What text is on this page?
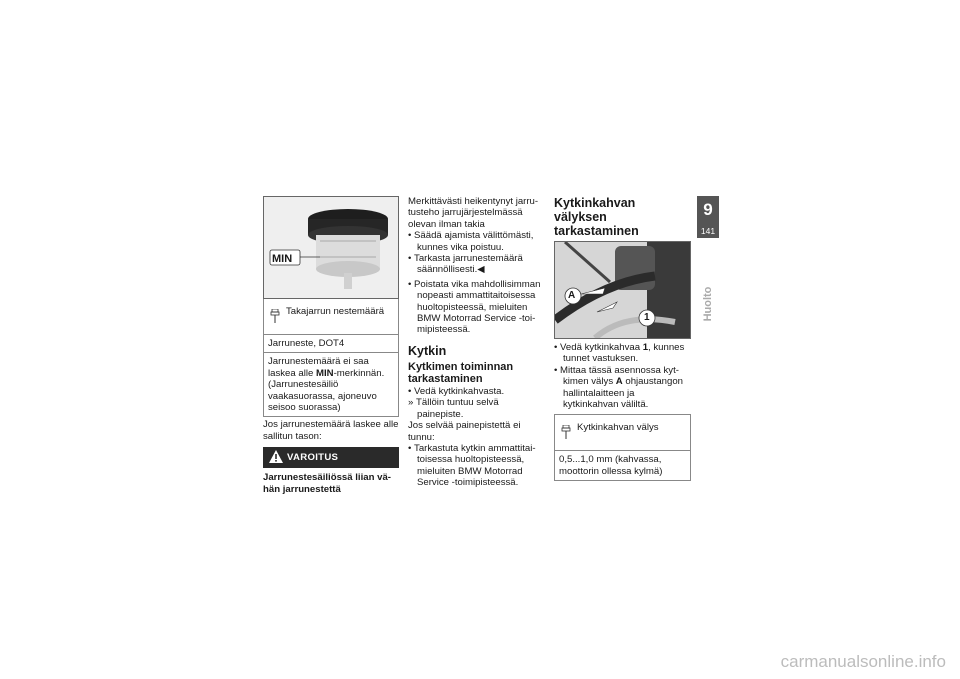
MIN
Takajarrun nestemäärä
Jarruneste, DOT4
Jarrunestemäärä ei saa laskea alle MIN-merkinnän. (Jarrunestesäiliö vaakasuorassa, ajoneuvo seisoo suorassa)

Jos jarrunestemäärä laskee alle sallitun tason:

VAROITUS

Jarrunestesäiliössä liian vähän jarrunestettä

Merkittävästi heikentynyt jarrutusteho jarrujärjestelmässä olevan ilman takia

• Säädä ajamista välittömästi, kunnes vika poistuu.

• Tarkasta jarrunestemäärä säännöllisesti.◀

• Poistata vika mahdollisimman nopeasti ammattitaitoisessa huoltopisteessä, mieluiten BMW Motorrad Service -toimipisteessä.

Kytkin
Kytkimen toiminnan tarkastaminen

• Vedä kytkinkahvasta.

» Tällöin tuntuu selvä painepiste.

Jos selvää painepistettä ei tunnu:

• Tarkastuta kytkin ammattitaitoisessa huoltopisteessä, mieluiten BMW Motorrad Service -toimipisteessä.

Kytkinkahvan välyksen tarkastaminen
A
1

• Vedä kytkinkahvaa 1, kunnes tunnet vastuksen.

• Mittaa tässä asennossa kytkimen välys A ohjaustangon hallintalaitteen ja kytkinkahvan väliltä.

Kytkinkahvan välys
0,5...1,0 mm (kahvassa, moottorin ollessa kylmä)
9
141
Huolto
carmanualsonline.info
